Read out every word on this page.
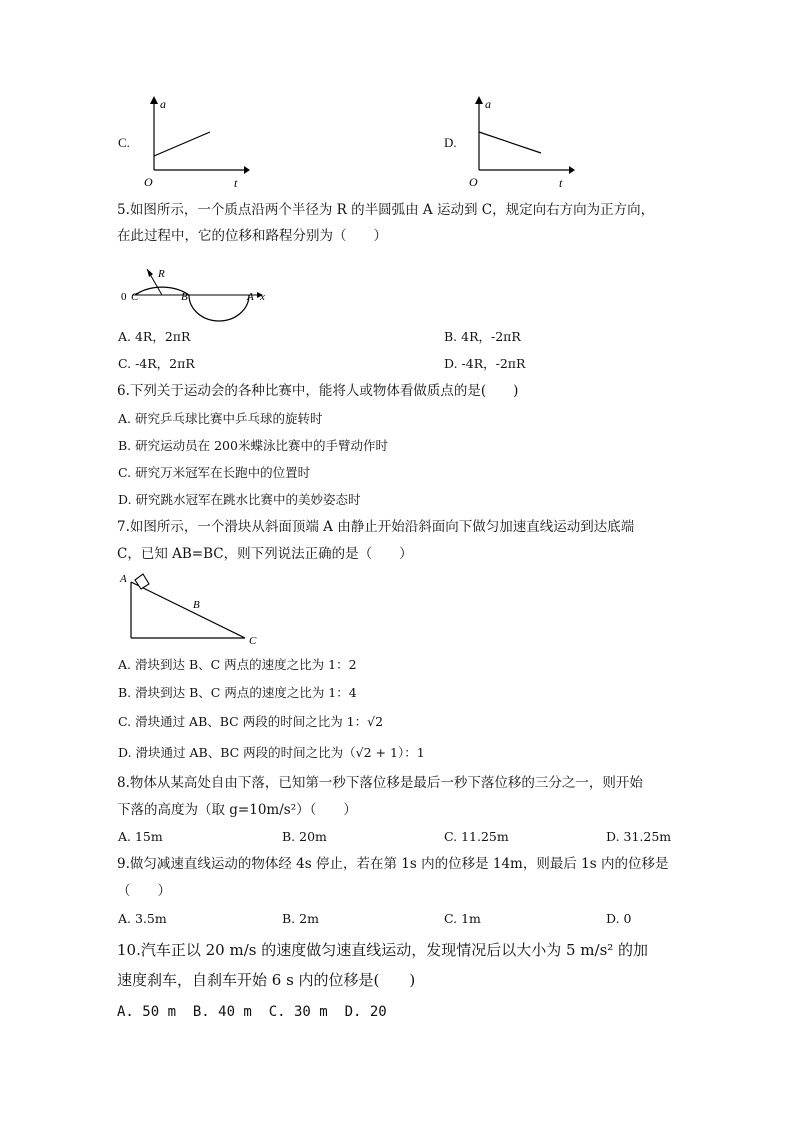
C.
a
t
O
D.
a
t
O
5.如图所示，一个质点沿两个半径为 R 的半圆弧由 A 运动到 C，规定向右方向为正方向，
在此过程中，它的位移和路程分别为（　　）
R
0 C	B	A x
A. 4R，2πR	B. 4R，-2πR
C. -4R，2πR	D. -4R，-2πR
6.下列关于运动会的各种比赛中，能将人或物体看做质点的是(　　)
A. 研究乒乓球比赛中乒乓球的旋转时
B. 研究运动员在 200米蝶泳比赛中的手臂动作时
C. 研究万米冠军在长跑中的位置时
D. 研究跳水冠军在跳水比赛中的美妙姿态时
7.如图所示，一个滑块从斜面顶端 A 由静止开始沿斜面向下做匀加速直线运动到达底端
C，已知 AB=BC，则下列说法正确的是（　　）
A
B
C
A. 滑块到达 B、C 两点的速度之比为 1：2
B. 滑块到达 B、C 两点的速度之比为 1：4
C. 滑块通过 AB、BC 两段的时间之比为 1：√2
D. 滑块通过 AB、BC 两段的时间之比为（√2 + 1）：1
8.物体从某高处自由下落，已知第一秒下落位移是最后一秒下落位移的三分之一，则开始
下落的高度为（取 g=10m/s²）（　　）
A. 15m	B. 20m	C. 11.25m	D. 31.25m
9.做匀减速直线运动的物体经 4s 停止，若在第 1s 内的位移是 14m，则最后 1s 内的位移是
（　　）
A. 3.5m	B. 2m	C. 1m	D. 0
10.汽车正以 20 m/s 的速度做匀速直线运动，发现情况后以大小为 5 m/s² 的加
速度刹车，自刹车开始 6 s 内的位移是(　　)
A. 50 m  B. 40 m  C. 30 m  D. 20
